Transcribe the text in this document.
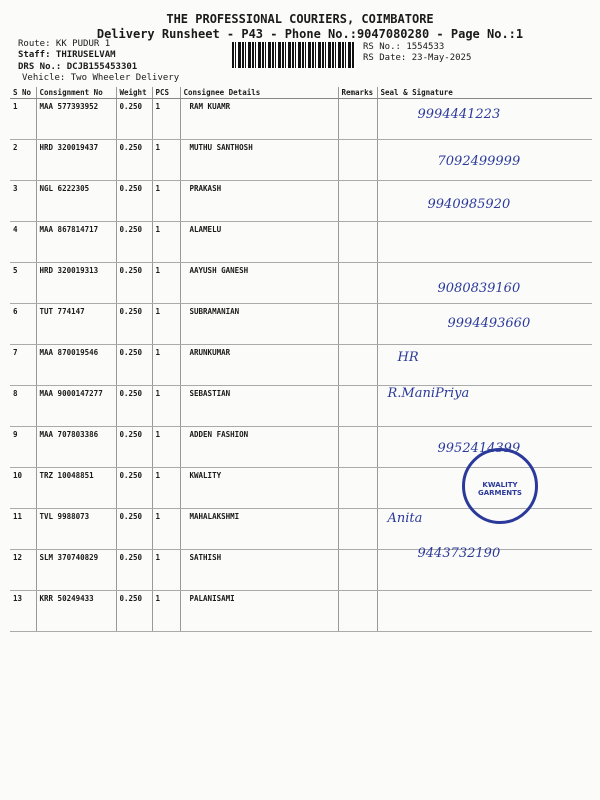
THE PROFESSIONAL COURIERS, COIMBATORE
Delivery Runsheet - P43 - Phone No.:9047080280 - Page No.:1
Route: KK PUDUR 1
Staff: THIRUSELVAM
DRS No.: DCJB155453301
Vehicle: Two Wheeler Delivery
RS No.: 1554533
RS Date: 23-May-2025
S No	Consignment No	Weight	PCS	Consignee Details	Remarks	Seal & Signature
1	MAA 577393952	0.250	1	RAM KUAMR		9994441223

2	HRD 320019437	0.250	1	MUTHU SANTHOSH		7092499999

3	NGL 6222305	0.250	1	PRAKASH		9940985920

4	MAA 867814717	0.250	1	ALAMELU		
5	HRD 320019313	0.250	1	AAYUSH GANESH		9080839160

6	TUT 774147	0.250	1	SUBRAMANIAN		9994493660

7	MAA 870019546	0.250	1	ARUNKUMAR		HR

8	MAA 9000147277	0.250	1	SEBASTIAN		R.ManiPriya

9	MAA 707803386	0.250	1	ADDEN FASHION		9952414399

10	TRZ 10048851	0.250	1	KWALITY		
11	TVL 9988073	0.250	1	MAHALAKSHMI		Anita

12	SLM 370740829	0.250	1	SATHISH		9443732190

13	KRR 50249433	0.250	1	PALANISAMI		
KWALITY GARMENTS
